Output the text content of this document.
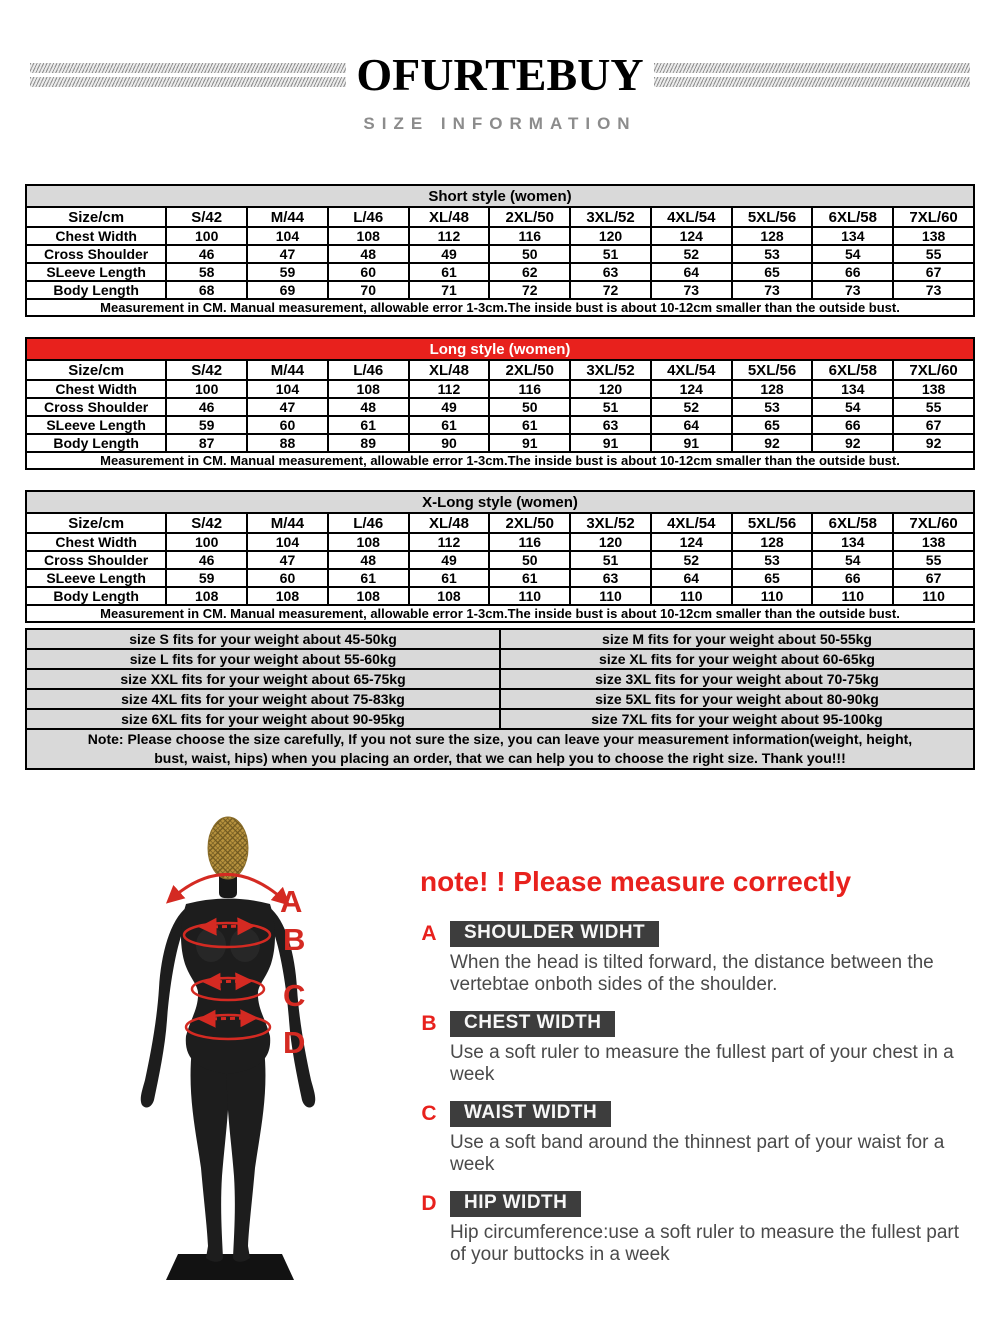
OFURTEBUY
SIZE INFORMATION
Short style (women)										
Size/cm	S/42	M/44	L/46	XL/48	2XL/50	3XL/52	4XL/54	5XL/56	6XL/58	7XL/60
Chest Width	100	104	108	112	116	120	124	128	134	138
Cross Shoulder	46	47	48	49	50	51	52	53	54	55
SLeeve Length	58	59	60	61	62	63	64	65	66	67
Body Length	68	69	70	71	72	72	73	73	73	73
Measurement in CM. Manual measurement, allowable error 1-3cm.The inside bust is about 10-12cm smaller than the outside bust.										
Long style (women)										
Size/cm	S/42	M/44	L/46	XL/48	2XL/50	3XL/52	4XL/54	5XL/56	6XL/58	7XL/60
Chest Width	100	104	108	112	116	120	124	128	134	138
Cross Shoulder	46	47	48	49	50	51	52	53	54	55
SLeeve Length	59	60	61	61	61	63	64	65	66	67
Body Length	87	88	89	90	91	91	91	92	92	92
Measurement in CM. Manual measurement, allowable error 1-3cm.The inside bust is about 10-12cm smaller than the outside bust.										
X-Long style (women)										
Size/cm	S/42	M/44	L/46	XL/48	2XL/50	3XL/52	4XL/54	5XL/56	6XL/58	7XL/60
Chest Width	100	104	108	112	116	120	124	128	134	138
Cross Shoulder	46	47	48	49	50	51	52	53	54	55
SLeeve Length	59	60	61	61	61	63	64	65	66	67
Body Length	108	108	108	108	110	110	110	110	110	110
Measurement in CM. Manual measurement, allowable error 1-3cm.The inside bust is about 10-12cm smaller than the outside bust.										
size S fits for your weight about 45-50kg	size M fits for your weight about 50-55kg
size L fits for your weight about 55-60kg	size XL fits for your weight about 60-65kg
size XXL fits for your weight about 65-75kg	size 3XL fits for your weight about 70-75kg
size 4XL fits for your weight about 75-83kg	size 5XL fits for your weight about 80-90kg
size 6XL fits for your weight about 90-95kg	size 7XL fits for your weight about 95-100kg

Note: Please choose the size carefully, If you not sure the size, you can leave your measurement information(weight, height,
bust, waist, hips) when you placing an order, that we can help you to choose the right size. Thank you!!!	
A
B
C
D
note! ! Please measure correctly
A	SHOULDER WIDHT

When the head is tilted forward, the distance between the vertebtae onboth sides of the shoulder.

B	CHEST WIDTH

Use a soft ruler to measure the fullest part of your chest in a week

C	WAIST WIDTH

Use a soft band around the thinnest part of your waist for a week

D	HIP WIDTH

Hip circumference:use a soft ruler to measure the fullest part of your buttocks in a week
